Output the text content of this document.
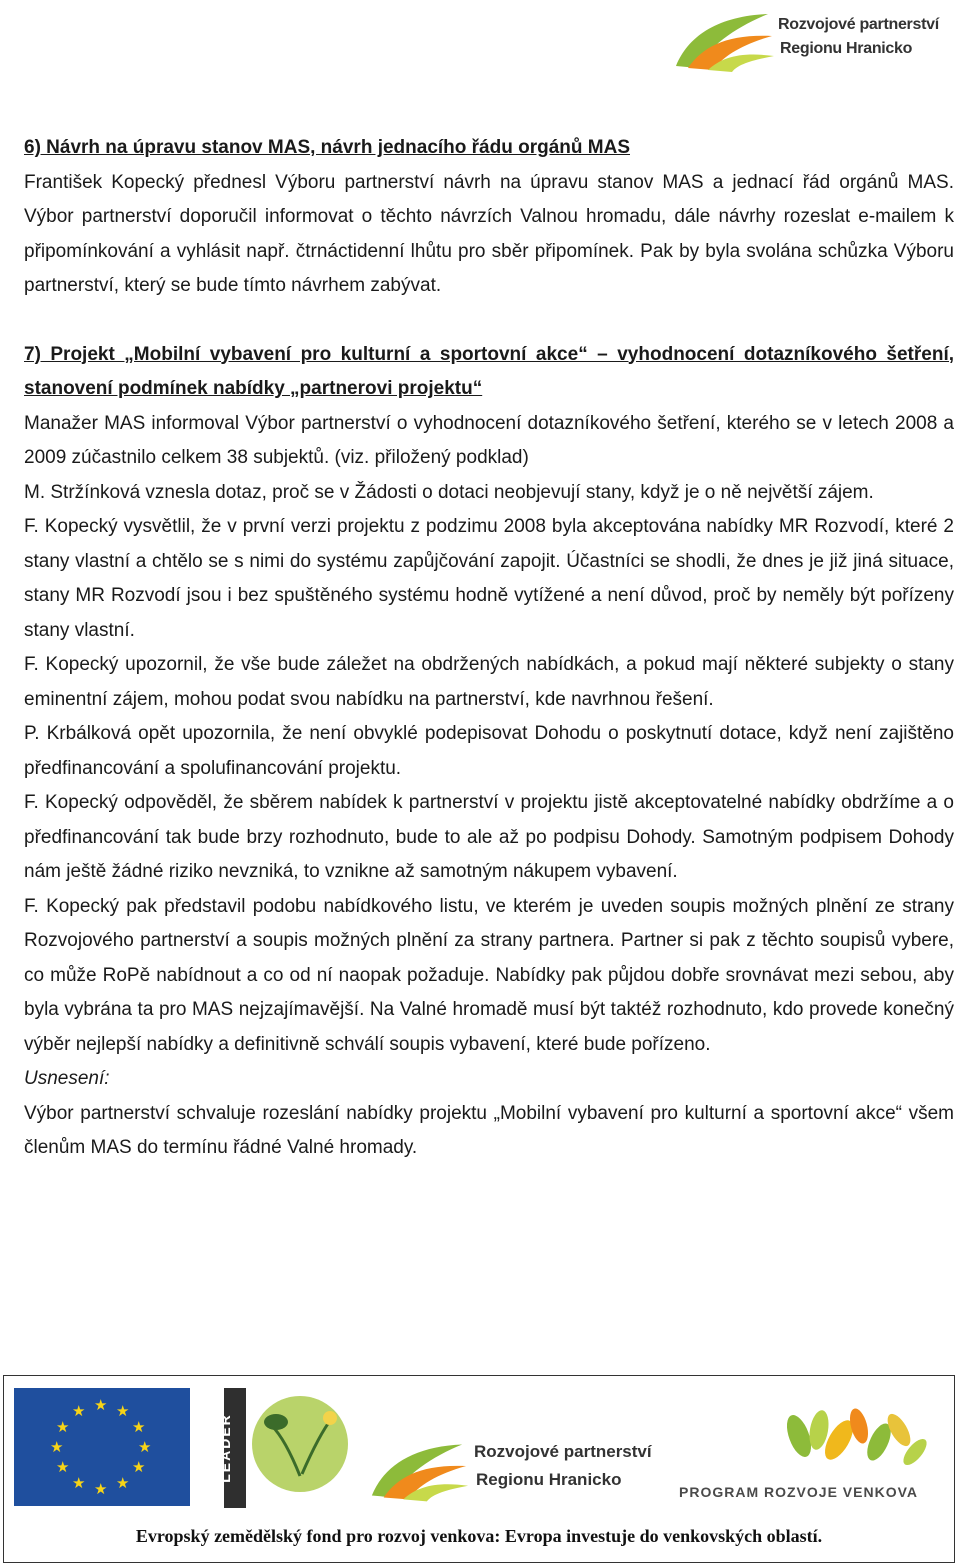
Rozvojové partnerství
Regionu Hranicko

6) Návrh na úpravu stanov MAS, návrh jednacího řádu orgánů MAS

František Kopecký přednesl Výboru partnerství návrh na úpravu stanov MAS a jednací řád orgánů MAS. Výbor partnerství doporučil informovat o těchto návrzích Valnou hromadu, dále návrhy rozeslat e-mailem k připomínkování a vyhlásit např. čtrnáctidenní lhůtu pro sběr připomínek. Pak by byla svolána schůzka Výboru partnerství, který se bude tímto návrhem zabývat.

7) Projekt „Mobilní vybavení pro kulturní a sportovní akce“ – vyhodnocení dotazníkového šetření, stanovení podmínek nabídky „partnerovi projektu“

Manažer MAS informoval Výbor partnerství o vyhodnocení dotazníkového šetření, kterého se v letech 2008 a 2009 zúčastnilo celkem 38 subjektů. (viz. přiložený podklad)

M. Stržínková vznesla dotaz, proč se v Žádosti o dotaci neobjevují stany, když je o ně největší zájem.

F. Kopecký vysvětlil, že v první verzi projektu z podzimu 2008 byla akceptována nabídky MR Rozvodí, které 2 stany vlastní a chtělo se s nimi do systému zapůjčování zapojit. Účastníci se shodli, že dnes je již jiná situace, stany MR Rozvodí jsou i bez spuštěného systému hodně vytížené a není důvod, proč by neměly být pořízeny stany vlastní.

F. Kopecký upozornil, že vše bude záležet na obdržených nabídkách, a pokud mají některé subjekty o stany eminentní zájem, mohou podat svou nabídku na partnerství, kde navrhnou řešení.

P. Krbálková opět upozornila, že není obvyklé podepisovat Dohodu o poskytnutí dotace, když není zajištěno předfinancování a spolufinancování projektu.

F. Kopecký odpověděl, že sběrem nabídek k partnerství v projektu jistě akceptovatelné nabídky obdržíme a o předfinancování tak bude brzy rozhodnuto, bude to ale až po podpisu Dohody. Samotným podpisem Dohody nám ještě žádné riziko nevzniká, to vznikne až samotným nákupem vybavení.

F. Kopecký pak představil podobu nabídkového listu, ve kterém je uveden soupis možných plnění ze strany Rozvojového partnerství a soupis možných plnění za strany partnera. Partner si pak z těchto soupisů vybere, co může RoPě nabídnout a co od ní naopak požaduje. Nabídky pak půjdou dobře srovnávat mezi sebou, aby byla vybrána ta pro MAS nejzajímavější. Na Valné hromadě musí být taktéž rozhodnuto, kdo provede konečný výběr nejlepší nabídky a definitivně schválí soupis vybavení, které bude pořízeno.

Usnesení:

Výbor partnerství schvaluje rozeslání nabídky projektu „Mobilní vybavení pro kulturní a sportovní akce“ všem členům MAS do termínu řádné Valné hromady.

★ ★
★
★
★
★
★
★
★
★
★
★
LEADER	Rozvojové partnerství
Regionu Hranicko
PROGRAM ROZVOJE VENKOVA
Evropský zemědělský fond pro rozvoj venkova: Evropa investuje do venkovských oblastí.
